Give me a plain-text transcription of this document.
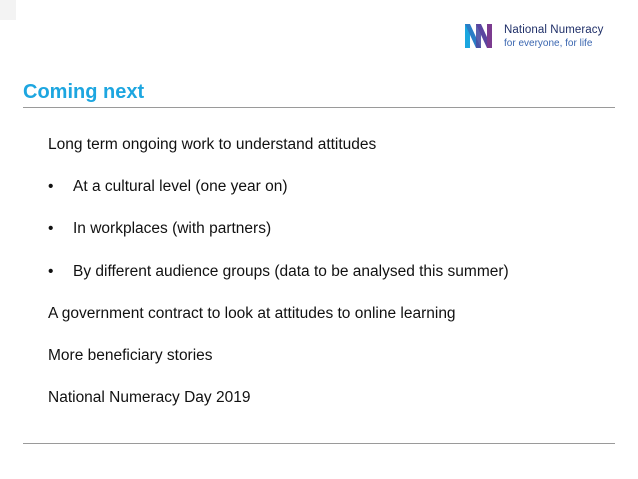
National Numeracy
for everyone, for life
Coming next
Long term ongoing work to understand attitudes
• At a cultural level (one year on)
• In workplaces (with partners)
• By different audience groups (data to be analysed this summer)
A government contract to look at attitudes to online learning
More beneficiary stories
National Numeracy Day 2019
